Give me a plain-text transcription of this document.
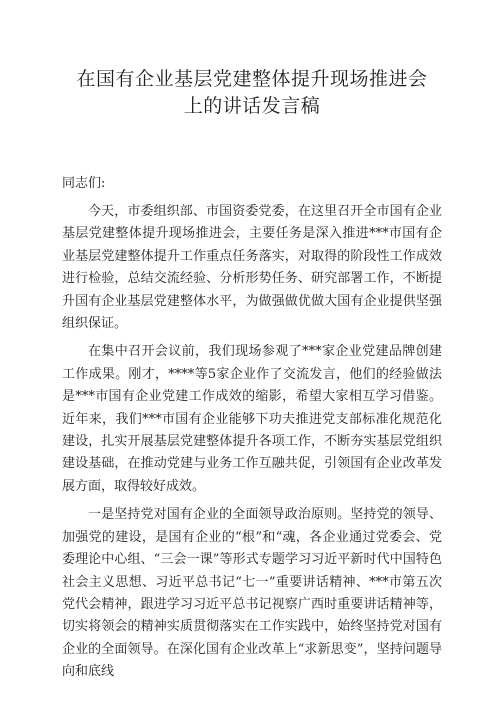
在国有企业基层党建整体提升现场推进会
上的讲话发言稿

同志们:

今天，市委组织部、市国资委党委，在这里召开全市国有企业基层党建整体提升现场推进会，主要任务是深入推进***市国有企业基层党建整体提升工作重点任务落实，对取得的阶段性工作成效进行检验，总结交流经验、分析形势任务、研究部署工作，不断提升国有企业基层党建整体水平，为做强做优做大国有企业提供坚强组织保证。

在集中召开会议前，我们现场参观了***家企业党建品牌创建工作成果。刚才，****等5家企业作了交流发言，他们的经验做法是***市国有企业党建工作成效的缩影，希望大家相互学习借鉴。近年来，我们***市国有企业能够下功夫推进党支部标准化规范化建设，扎实开展基层党建整体提升各项工作，不断夯实基层党组织建设基础，在推动党建与业务工作互融共促，引领国有企业改革发展方面，取得较好成效。

一是坚持党对国有企业的全面领导政治原则。坚持党的领导、加强党的建设，是国有企业的“根”和“魂，各企业通过党委会、党委理论中心组、“三会一课”等形式专题学习习近平新时代中国特色社会主义思想、习近平总书记“七一”重要讲话精神、***市第五次党代会精神，跟进学习习近平总书记视察广西时重要讲话精神等，切实将领会的精神实质贯彻落实在工作实践中，始终坚持党对国有企业的全面领导。在深化国有企业改革上“求新思变”，坚持问题导向和底线
